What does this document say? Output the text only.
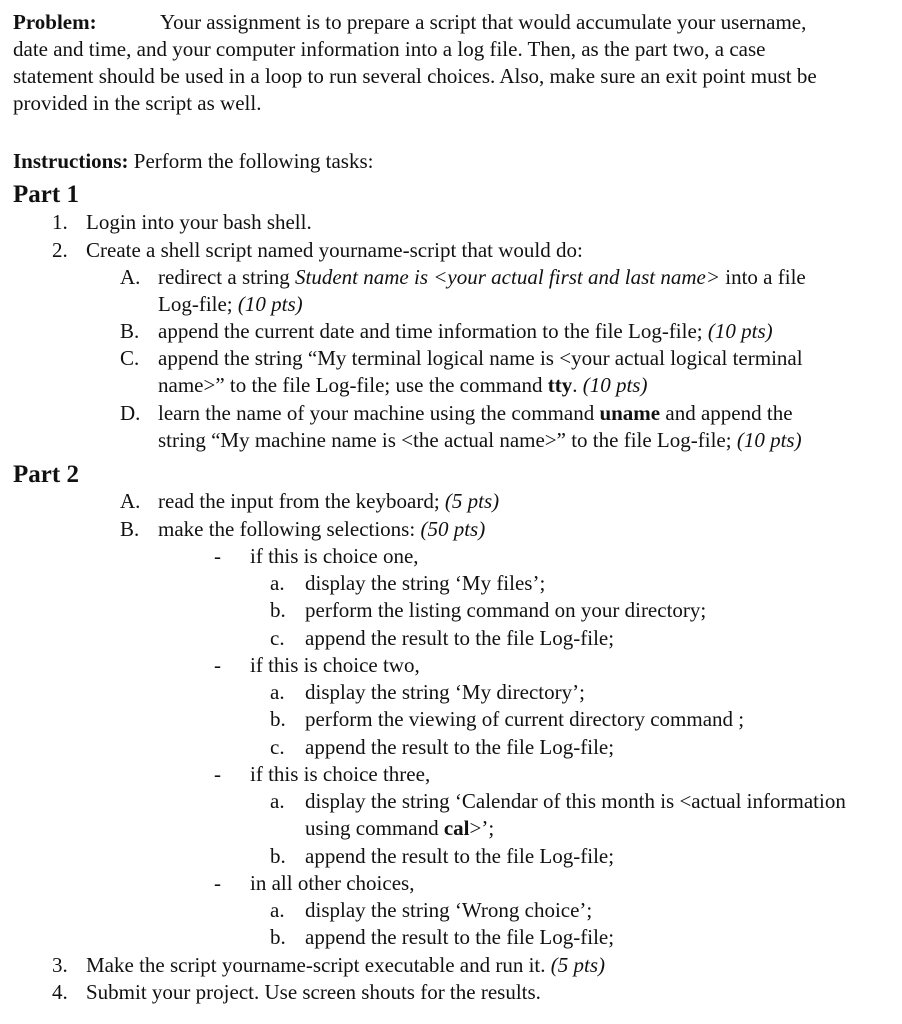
Problem:	Your assignment is to prepare a script that would accumulate your username,
date and time, and your computer information into a log file. Then, as the part two, a case
statement should be used in a loop to run several choices. Also, make sure an exit point must be
provided in the script as well.
Instructions: Perform the following tasks:
Part 1
1. Login into your bash shell.
2. Create a shell script named yourname-script that would do:
A. redirect a string Student name is <your actual first and last name> into a file
Log-file; (10 pts)
B. append the current date and time information to the file Log-file; (10 pts)
C. append the string “My terminal logical name is <your actual logical terminal
name>” to the file Log-file; use the command tty. (10 pts)
D. learn the name of your machine using the command uname and append the
string “My machine name is <the actual name>” to the file Log-file; (10 pts)
Part 2
A. read the input from the keyboard; (5 pts)
B. make the following selections: (50 pts)
- if this is choice one,
a. display the string ‘My files’;
b. perform the listing command on your directory;
c. append the result to the file Log-file;
- if this is choice two,
a. display the string ‘My directory’;
b. perform the viewing of current directory command ;
c. append the result to the file Log-file;
- if this is choice three,
a. display the string ‘Calendar of this month is <actual information
using command cal>’;
b. append the result to the file Log-file;
- in all other choices,
a. display the string ‘Wrong choice’;
b. append the result to the file Log-file;
3. Make the script yourname-script executable and run it. (5 pts)
4. Submit your project. Use screen shouts for the results.
